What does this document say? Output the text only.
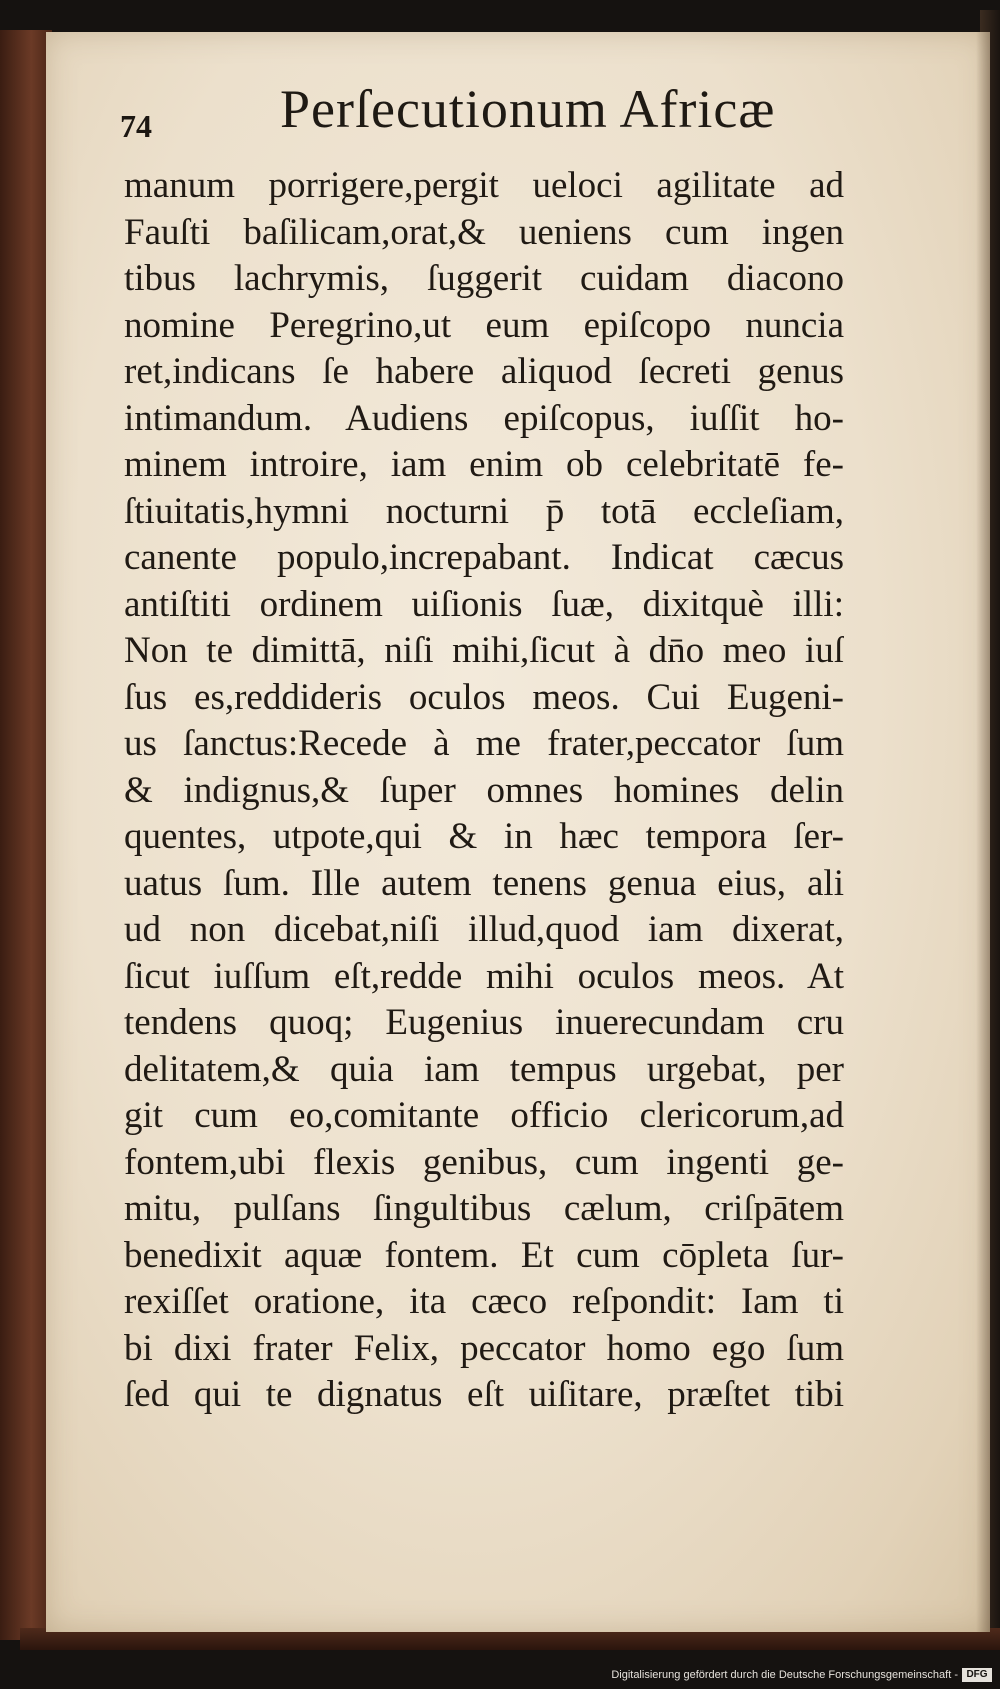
74 Perſecutionum Africæ
manum porrigere,pergit ueloci agilitate ad
Fauſti baſilicam,orat,& ueniens cum ingen
tibus lachrymis, ſuggerit cuidam diacono
nomine Peregrino,ut eum epiſcopo nuncia
ret,indicans ſe habere aliquod ſecreti genus
intimandum. Audiens epiſcopus, iuſſit ho-
minem introire, iam enim ob celebritatē fe-
ſtiuitatis,hymni nocturni p̄ totā eccleſiam,
canente populo,increpabant. Indicat cæcus
antiſtiti ordinem uiſionis ſuæ, dixitquè illi:
Non te dimittā, niſi mihi,ſicut à dn̄o meo iuſ
ſus es,reddideris oculos meos. Cui Eugeni-
us ſanctus:Recede à me frater,peccator ſum
& indignus,& ſuper omnes homines delin
quentes, utpote,qui & in hæc tempora ſer-
uatus ſum. Ille autem tenens genua eius, ali
ud non dicebat,niſi illud,quod iam dixerat,
ſicut iuſſum eſt,redde mihi oculos meos. At
tendens quoq; Eugenius inuerecundam cru
delitatem,& quia iam tempus urgebat, per
git cum eo,comitante officio clericorum,ad
fontem,ubi flexis genibus, cum ingenti ge-
mitu, pulſans ſingultibus cælum, criſpātem
benedixit aquæ fontem. Et cum cōpleta ſur-
rexiſſet oratione, ita cæco reſpondit: Iam ti
bi dixi frater Felix, peccator homo ego ſum
ſed qui te dignatus eſt uiſitare, præſtet tibi
Digitalisierung gefördert durch die Deutsche Forschungsgemeinschaft - DFG
